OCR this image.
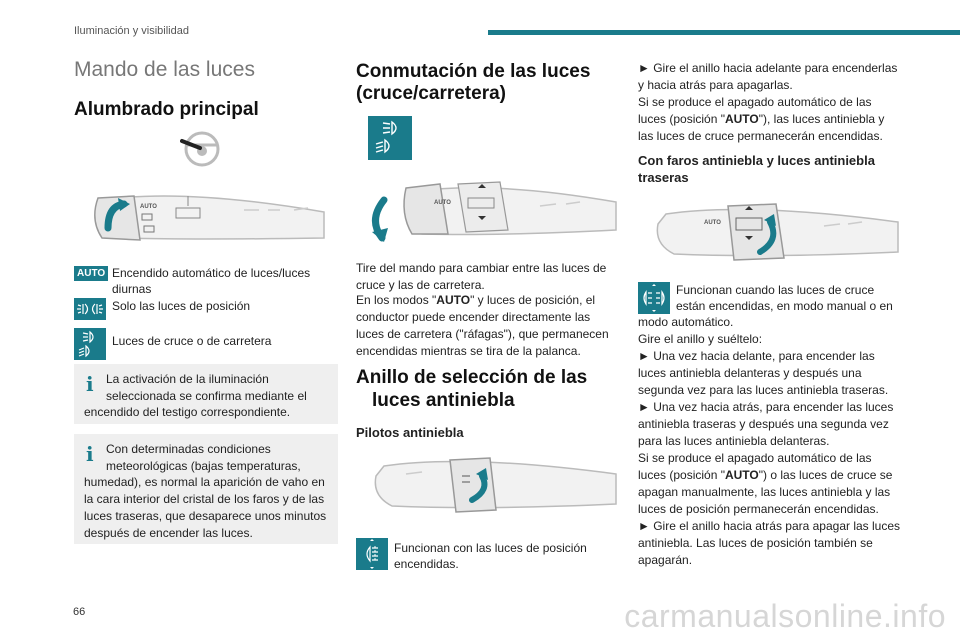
Iluminación y visibilidad
Mando de las luces
Alumbrado principal
AUTO
AUTO Encendido automático de luces/luces
diurnas
Solo las luces de posición
Luces de cruce o de carretera
i La activación de la iluminación
seleccionada se confirma mediante el
encendido del testigo correspondiente.
i Con determinadas condiciones
meteorológicas (bajas temperaturas,
humedad), es normal la aparición de vaho en
la cara interior del cristal de los faros y de las
luces traseras, que desaparece unos minutos
después de encender las luces.
Conmutación de las luces
(cruce/carretera)
AUTO
Tire del mando para cambiar entre las luces de cruce y las de carretera.
En los modos "AUTO" y luces de posición, el conductor puede encender directamente las luces de carretera ("ráfagas"), que permanecen encendidas mientras se tira de la palanca.
Anillo de selección de las
luces antiniebla
Pilotos antiniebla
Funcionan con las luces de posición encendidas.
► Gire el anillo hacia adelante para encenderlas y hacia atrás para apagarlas.
Si se produce el apagado automático de las luces (posición "AUTO"), las luces antiniebla y las luces de cruce permanecerán encendidas.
Con faros antiniebla y luces antiniebla traseras
AUTO
Funcionan cuando las luces de cruce
están encendidas, en modo manual o en
modo automático.
Gire el anillo y suéltelo:
► Una vez hacia delante, para encender las
luces antiniebla delanteras y después una
segunda vez para las luces antiniebla traseras.
► Una vez hacia atrás, para encender las luces
antiniebla traseras y después una segunda vez
para las luces antiniebla delanteras.
Si se produce el apagado automático de las luces (posición "AUTO") o las luces de cruce se apagan manualmente, las luces antiniebla y las luces de posición permanecerán encendidas.
► Gire el anillo hacia atrás para apagar las luces antiniebla. Las luces de posición también se apagarán.
66	carmanualsonline.info
